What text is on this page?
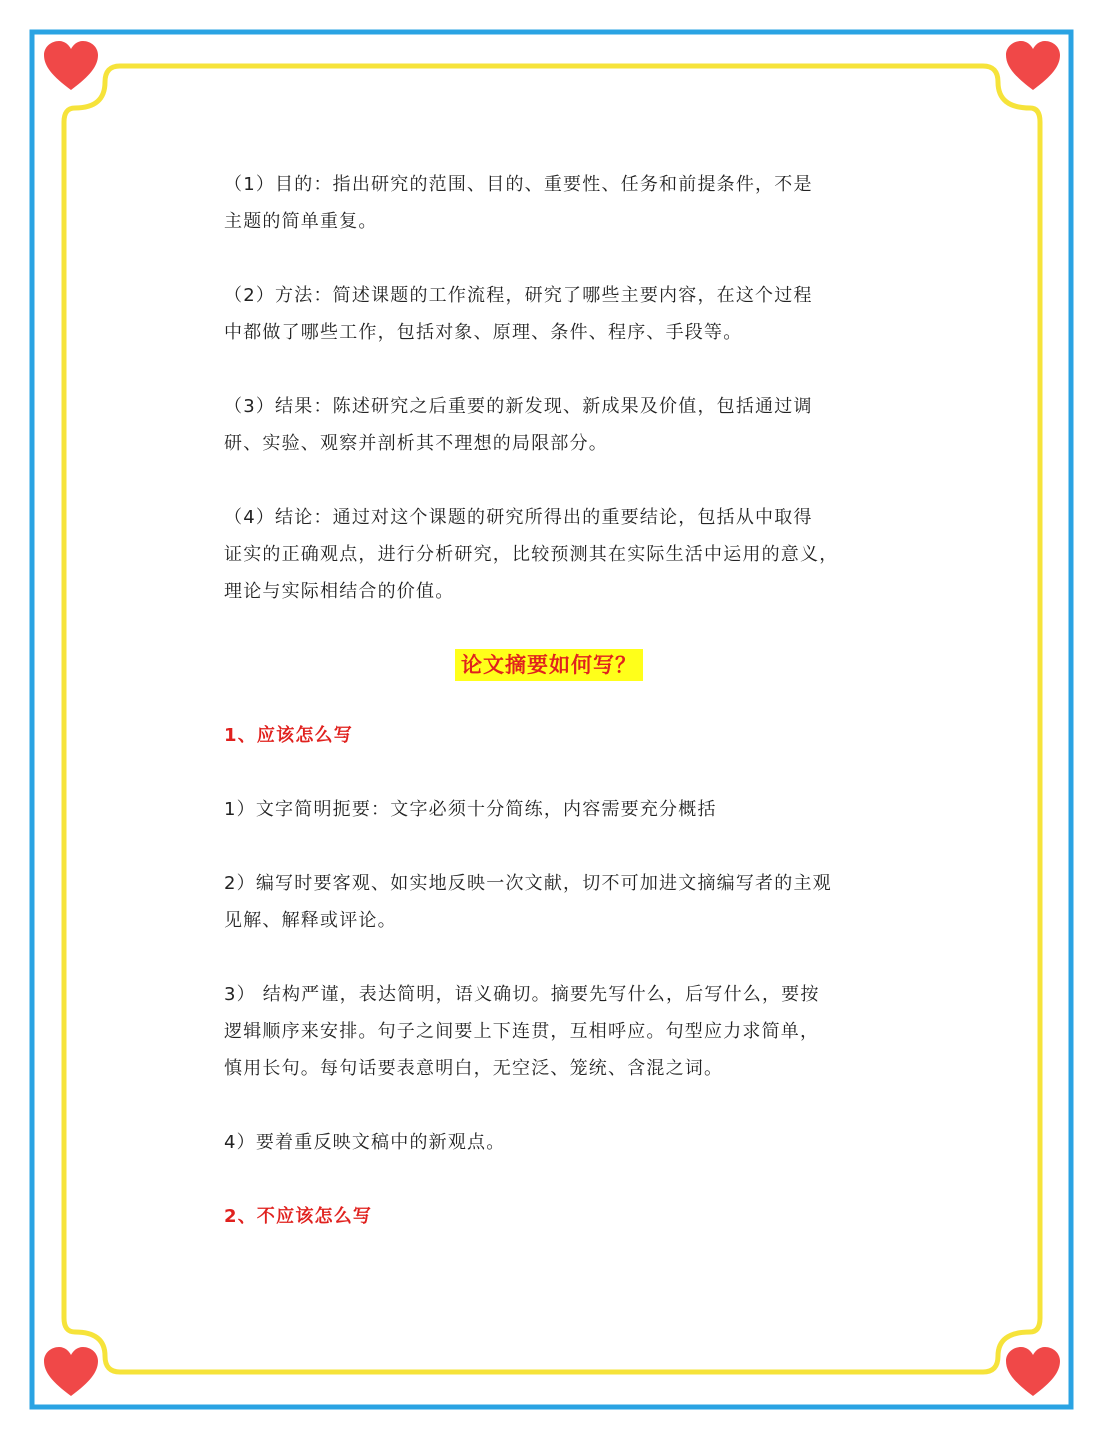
（1）目的：指出研究的范围、目的、重要性、任务和前提条件，不是
主题的简单重复。

（2）方法：简述课题的工作流程，研究了哪些主要内容，在这个过程
中都做了哪些工作，包括对象、原理、条件、程序、手段等。

（3）结果：陈述研究之后重要的新发现、新成果及价值，包括通过调
研、实验、观察并剖析其不理想的局限部分。

（4）结论：通过对这个课题的研究所得出的重要结论，包括从中取得
证实的正确观点，进行分析研究，比较预测其在实际生活中运用的意义，
理论与实际相结合的价值。

论文摘要如何写？

1、应该怎么写

1）文字简明扼要：文字必须十分简练，内容需要充分概括

2）编写时要客观、如实地反映一次文献，切不可加进文摘编写者的主观
见解、解释或评论。

3） 结构严谨，表达简明，语义确切。摘要先写什么，后写什么，要按
逻辑顺序来安排。句子之间要上下连贯，互相呼应。句型应力求简单，
慎用长句。每句话要表意明白，无空泛、笼统、含混之词。

4）要着重反映文稿中的新观点。

2、不应该怎么写
